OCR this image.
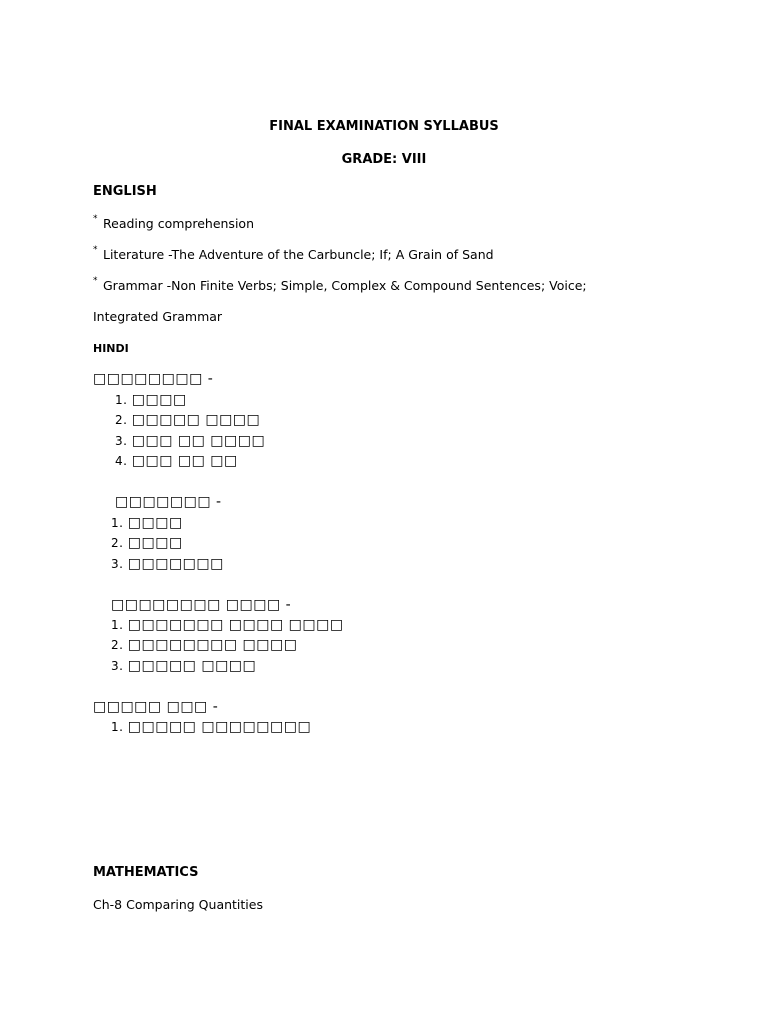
FINAL EXAMINATION SYLLABUS
GRADE: VIII
ENGLISH
* Reading comprehension
* Literature -The Adventure of the Carbuncle; If; A Grain of Sand
* Grammar -Non Finite Verbs; Simple, Complex & Compound Sentences; Voice;
Integrated Grammar
HINDI
□□□□□□□□ -
1. □□□□
2. □□□□□ □□□□
3. □□□ □□ □□□□
4. □□□ □□ □□
□□□□□□□ -
1. □□□□
2. □□□□
3. □□□□□□□
□□□□□□□□ □□□□ -
1. □□□□□□□ □□□□ □□□□
2. □□□□□□□□ □□□□
3. □□□□□ □□□□
□□□□□ □□□ -
1. □□□□□ □□□□□□□□
MATHEMATICS
Ch-8 Comparing Quantities
